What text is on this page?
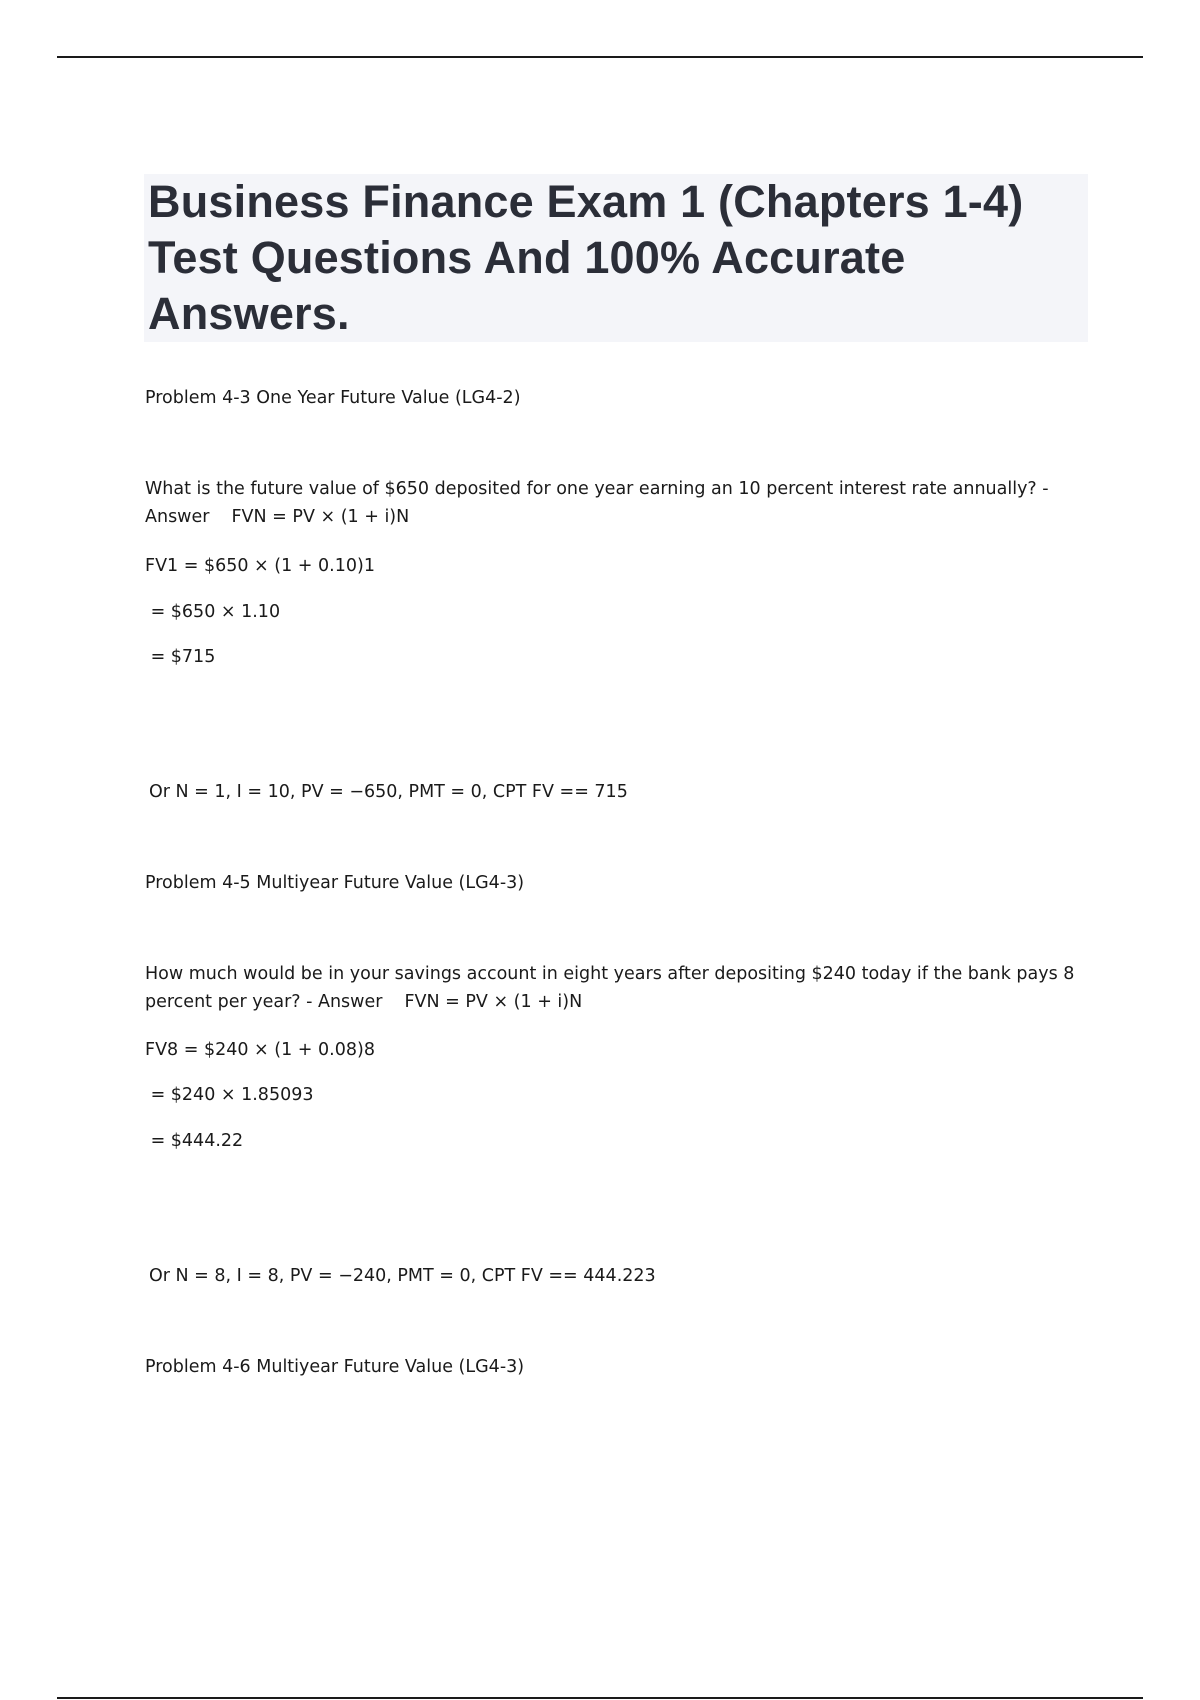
Business Finance Exam 1 (Chapters 1-4) Test Questions And 100% Accurate Answers.

Problem 4-3 One Year Future Value (LG4-2)

What is the future value of $650 deposited for one year earning an 10 percent interest rate annually? - Answer FVN = PV × (1 + i)N

FV1 = $650 × (1 + 0.10)1

= $650 × 1.10

= $715

Or N = 1, I = 10, PV = −650, PMT = 0, CPT FV == 715

Problem 4-5 Multiyear Future Value (LG4-3)

How much would be in your savings account in eight years after depositing $240 today if the bank pays 8 percent per year? - Answer FVN = PV × (1 + i)N

FV8 = $240 × (1 + 0.08)8

= $240 × 1.85093

= $444.22

Or N = 8, I = 8, PV = −240, PMT = 0, CPT FV == 444.223

Problem 4-6 Multiyear Future Value (LG4-3)
